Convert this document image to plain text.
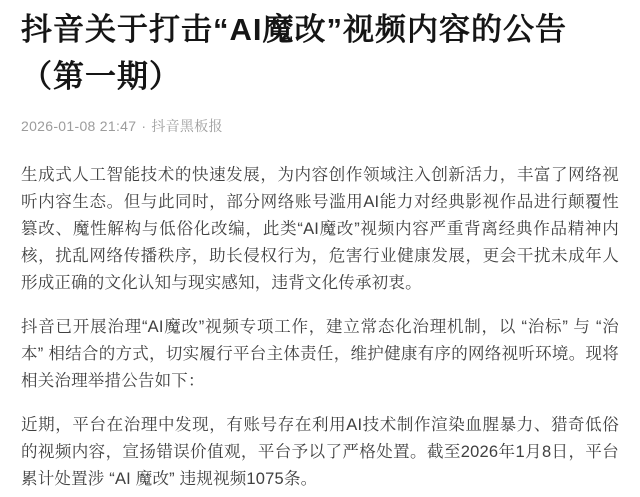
抖音关于打击“AI魔改”视频内容的公告
（第一期）
2026-01-08 21:47 · 抖音黑板报

生成式人工智能技术的快速发展，为内容创作领域注入创新活力，丰富了网络视听内容生态。但与此同时，部分网络账号滥用AI能力对经典影视作品进行颠覆性篡改、魔性解构与低俗化改编，此类“AI魔改”视频内容严重背离经典作品精神内核，扰乱网络传播秩序，助长侵权行为，危害行业健康发展，更会干扰未成年人形成正确的文化认知与现实感知，违背文化传承初衷。

抖音已开展治理“AI魔改”视频专项工作，建立常态化治理机制，以 “治标” 与 “治本” 相结合的方式，切实履行平台主体责任，维护健康有序的网络视听环境。现将相关治理举措公告如下：

近期，平台在治理中发现，有账号存在利用AI技术制作渲染血腥暴力、猎奇低俗的视频内容，宣扬错误价值观，平台予以了严格处置。截至2026年1月8日，平台累计处置涉 “AI 魔改” 违规视频1075条。
